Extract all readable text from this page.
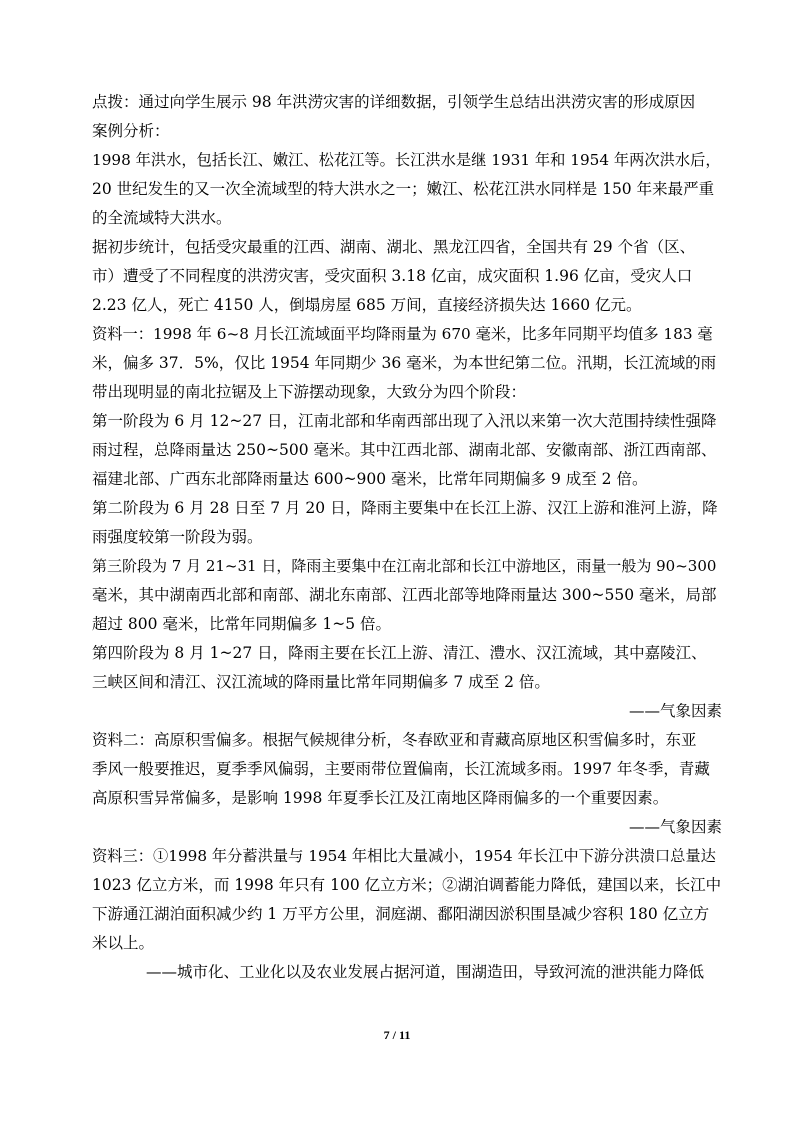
点拨：通过向学生展示 98 年洪涝灾害的详细数据，引领学生总结出洪涝灾害的形成原因
案例分析：
1998 年洪水，包括长江、嫩江、松花江等。长江洪水是继 1931 年和 1954 年两次洪水后，
20 世纪发生的又一次全流域型的特大洪水之一；嫩江、松花江洪水同样是 150 年来最严重
的全流域特大洪水。
据初步统计，包括受灾最重的江西、湖南、湖北、黑龙江四省，全国共有 29 个省（区、
市）遭受了不同程度的洪涝灾害，受灾面积 3.18 亿亩，成灾面积 1.96 亿亩，受灾人口
2.23 亿人，死亡 4150 人，倒塌房屋 685 万间，直接经济损失达 1660 亿元。
资料一：1998 年 6~8 月长江流域面平均降雨量为 670 毫米，比多年同期平均值多 183 毫
米，偏多 37．5%，仅比 1954 年同期少 36 毫米，为本世纪第二位。汛期，长江流域的雨
带出现明显的南北拉锯及上下游摆动现象，大致分为四个阶段：
第一阶段为 6 月 12~27 日，江南北部和华南西部出现了入汛以来第一次大范围持续性强降
雨过程，总降雨量达 250~500 毫米。其中江西北部、湖南北部、安徽南部、浙江西南部、
福建北部、广西东北部降雨量达 600~900 毫米，比常年同期偏多 9 成至 2 倍。
第二阶段为 6 月 28 日至 7 月 20 日，降雨主要集中在长江上游、汉江上游和淮河上游，降
雨强度较第一阶段为弱。
第三阶段为 7 月 21~31 日，降雨主要集中在江南北部和长江中游地区，雨量一般为 90~300
毫米，其中湖南西北部和南部、湖北东南部、江西北部等地降雨量达 300~550 毫米，局部
超过 800 毫米，比常年同期偏多 1~5 倍。
第四阶段为 8 月 1~27 日，降雨主要在长江上游、清江、澧水、汉江流域，其中嘉陵江、
三峡区间和清江、汉江流域的降雨量比常年同期偏多 7 成至 2 倍。
——气象因素
资料二：高原积雪偏多。根据气候规律分析，冬春欧亚和青藏高原地区积雪偏多时，东亚
季风一般要推迟，夏季季风偏弱，主要雨带位置偏南，长江流域多雨。1997 年冬季，青藏
高原积雪异常偏多，是影响 1998 年夏季长江及江南地区降雨偏多的一个重要因素。
——气象因素
资料三：①1998 年分蓄洪量与 1954 年相比大量减小，1954 年长江中下游分洪溃口总量达
1023 亿立方米，而 1998 年只有 100 亿立方米；②湖泊调蓄能力降低，建国以来，长江中
下游通江湖泊面积减少约 1 万平方公里，洞庭湖、鄱阳湖因淤积围垦减少容积 180 亿立方
米以上。
——城市化、工业化以及农业发展占据河道，围湖造田，导致河流的泄洪能力降低
7 / 11
